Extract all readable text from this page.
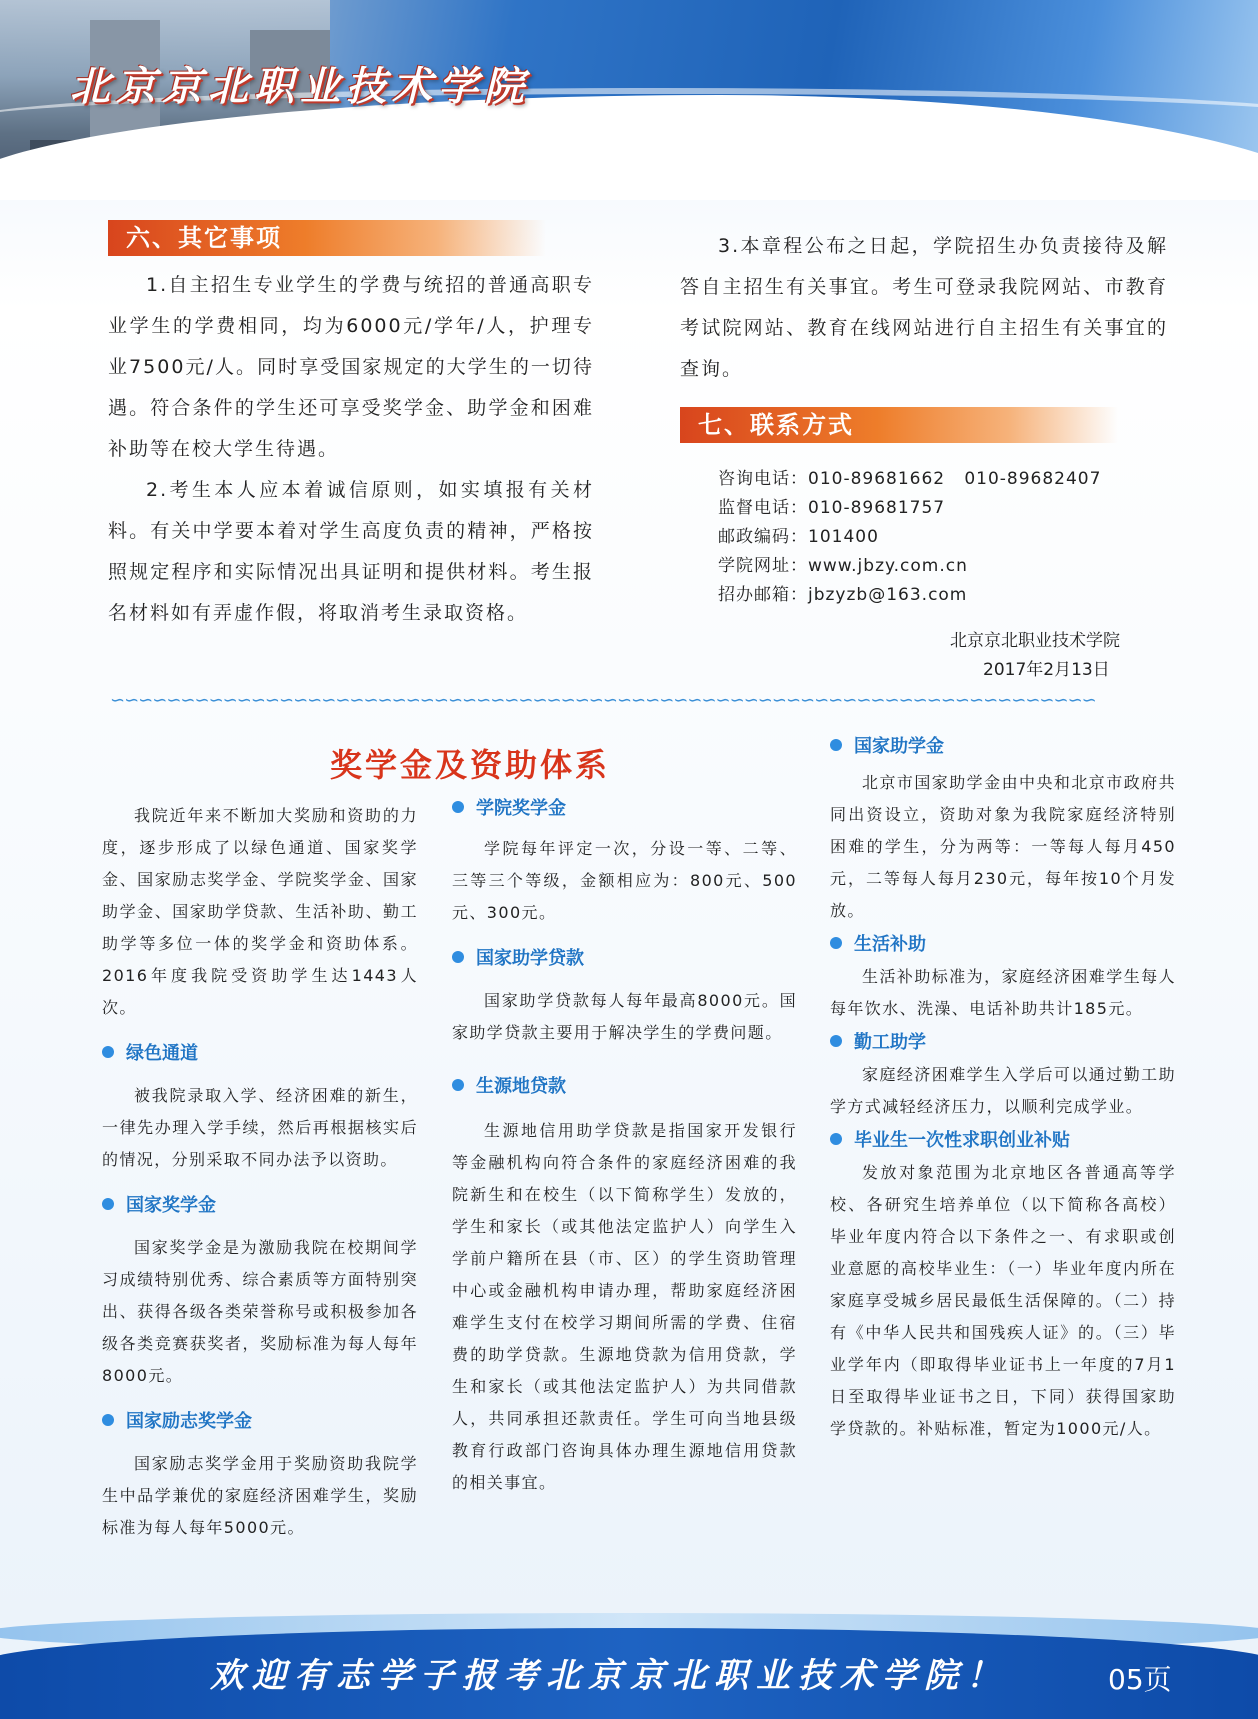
北京京北职业技术学院
六、其它事项

1.自主招生专业学生的学费与统招的普通高职专业学生的学费相同，均为6000元/学年/人，护理专业7500元/人。同时享受国家规定的大学生的一切待遇。符合条件的学生还可享受奖学金、助学金和困难补助等在校大学生待遇。

2.考生本人应本着诚信原则，如实填报有关材料。有关中学要本着对学生高度负责的精神，严格按照规定程序和实际情况出具证明和提供材料。考生报名材料如有弄虚作假，将取消考生录取资格。

3.本章程公布之日起，学院招生办负责接待及解答自主招生有关事宜。考生可登录我院网站、市教育考试院网站、教育在线网站进行自主招生有关事宜的查询。

七、联系方式
咨询电话：010-89681662   010-89682407
监督电话：010-89681757
邮政编码：101400
学院网址：www.jbzy.com.cn
招办邮箱：jbzyzb@163.com
北京京北职业技术学院
2017年2月13日
∽∽∽∽∽∽∽∽∽∽∽∽∽∽∽∽∽∽∽∽∽∽∽∽∽∽∽∽∽∽∽∽∽∽∽∽∽∽∽∽∽∽∽∽∽∽∽∽∽∽∽∽∽∽∽∽∽∽∽∽∽∽∽∽∽∽∽∽∽∽
奖学金及资助体系

我院近年来不断加大奖励和资助的力度，逐步形成了以绿色通道、国家奖学金、国家励志奖学金、学院奖学金、国家助学金、国家助学贷款、生活补助、勤工助学等多位一体的奖学金和资助体系。2016年度我院受资助学生达1443人次。

绿色通道

被我院录取入学、经济困难的新生，一律先办理入学手续，然后再根据核实后的情况，分别采取不同办法予以资助。

国家奖学金

国家奖学金是为激励我院在校期间学习成绩特别优秀、综合素质等方面特别突出、获得各级各类荣誉称号或积极参加各级各类竞赛获奖者，奖励标准为每人每年8000元。

国家励志奖学金

国家励志奖学金用于奖励资助我院学生中品学兼优的家庭经济困难学生，奖励标准为每人每年5000元。

学院奖学金

学院每年评定一次，分设一等、二等、三等三个等级，金额相应为：800元、500元、300元。

国家助学贷款

国家助学贷款每人每年最高8000元。国家助学贷款主要用于解决学生的学费问题。

生源地贷款

生源地信用助学贷款是指国家开发银行等金融机构向符合条件的家庭经济困难的我院新生和在校生（以下简称学生）发放的，学生和家长（或其他法定监护人）向学生入学前户籍所在县（市、区）的学生资助管理中心或金融机构申请办理，帮助家庭经济困难学生支付在校学习期间所需的学费、住宿费的助学贷款。生源地贷款为信用贷款，学生和家长（或其他法定监护人）为共同借款人，共同承担还款责任。学生可向当地县级教育行政部门咨询具体办理生源地信用贷款的相关事宜。

国家助学金

北京市国家助学金由中央和北京市政府共同出资设立，资助对象为我院家庭经济特别困难的学生，分为两等：一等每人每月450元，二等每人每月230元，每年按10个月发放。

生活补助

生活补助标准为，家庭经济困难学生每人每年饮水、洗澡、电话补助共计185元。

勤工助学

家庭经济困难学生入学后可以通过勤工助学方式减轻经济压力，以顺利完成学业。

毕业生一次性求职创业补贴

发放对象范围为北京地区各普通高等学校、各研究生培养单位（以下简称各高校）毕业年度内符合以下条件之一、有求职或创业意愿的高校毕业生：（一）毕业年度内所在家庭享受城乡居民最低生活保障的。（二）持有《中华人民共和国残疾人证》的。（三）毕业学年内（即取得毕业证书上一年度的7月1日至取得毕业证书之日，下同）获得国家助学贷款的。补贴标准，暂定为1000元/人。

欢迎有志学子报考北京京北职业技术学院！	05页
